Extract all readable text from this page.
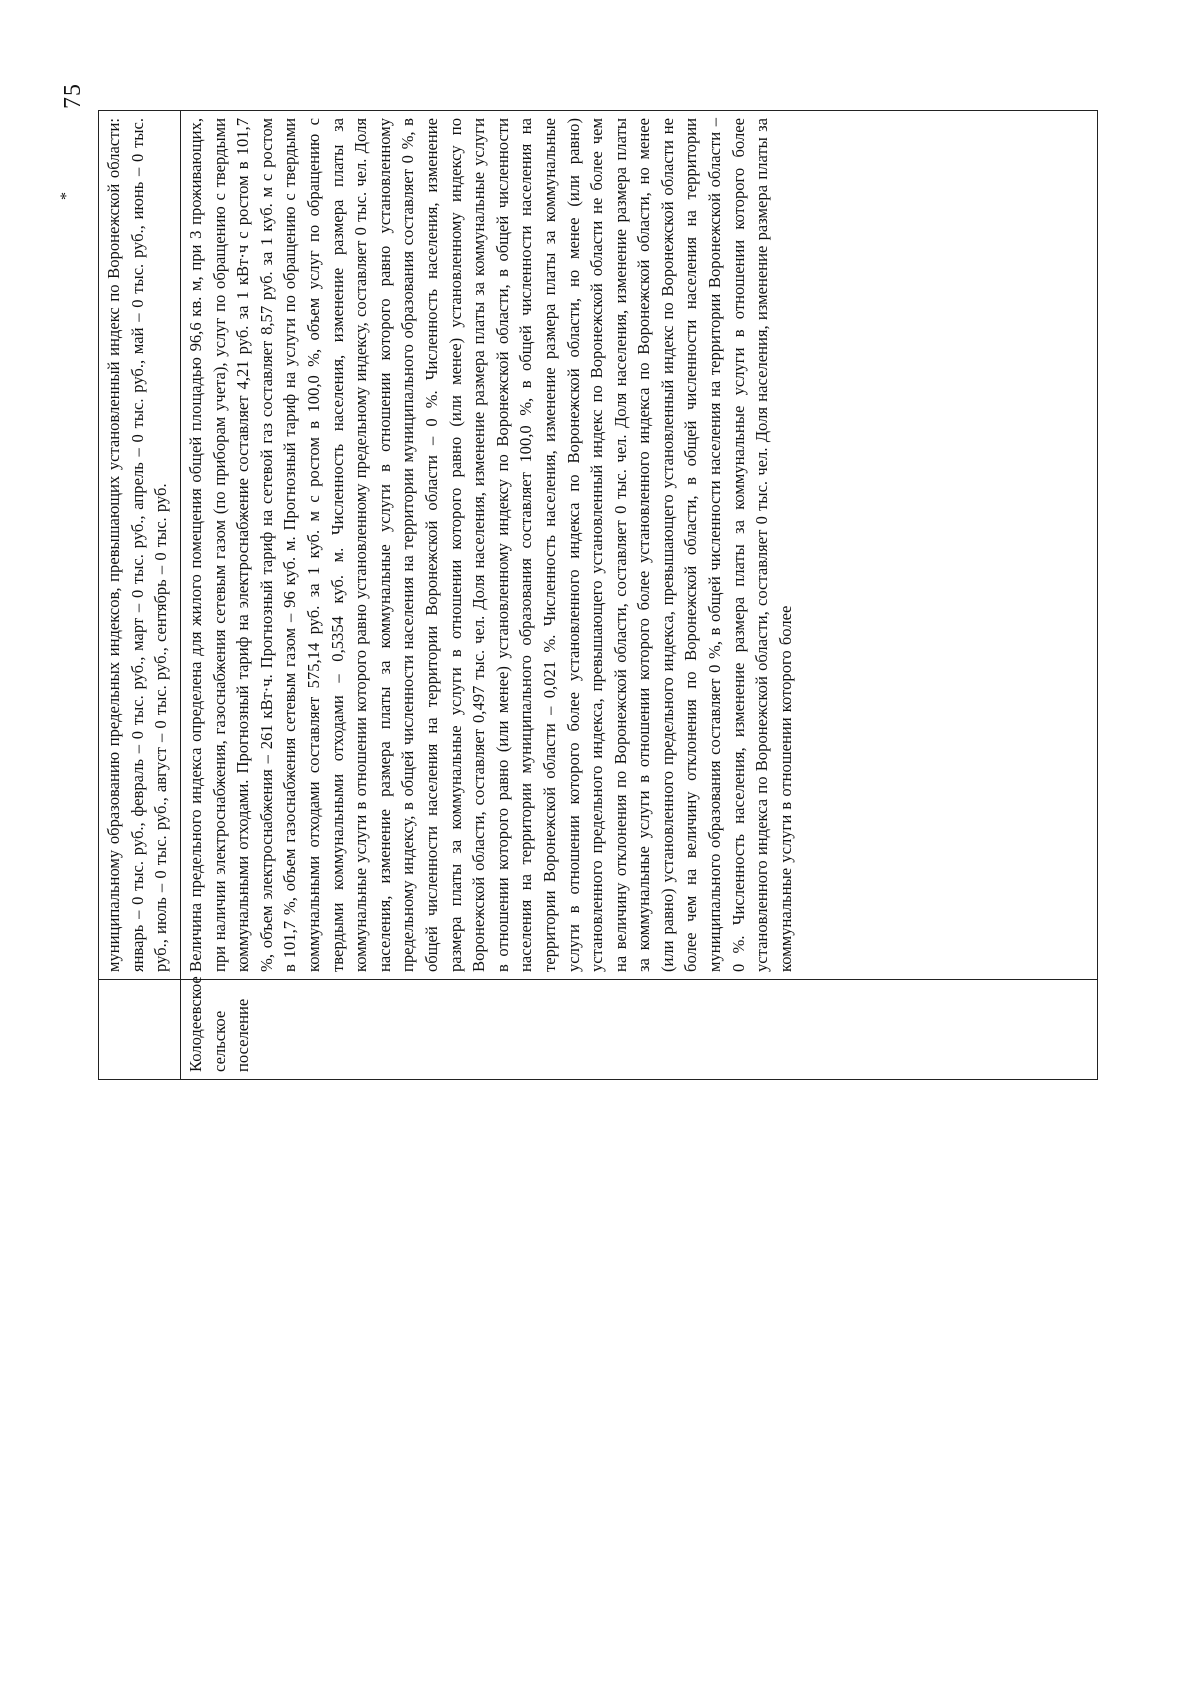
*
75

	муниципальному образованию предельных индексов, превышающих установленный индекс по Воронежской области: январь – 0 тыс. руб., февраль – 0 тыс. руб., март – 0 тыс. руб., апрель – 0 тыс. руб., май – 0 тыс. руб., июнь – 0 тыс. руб., июль – 0 тыс. руб., август – 0 тыс. руб., сентябрь – 0 тыс. руб.

Колодеевское сельское поселение	Величина предельного индекса определена для жилого помещения общей площадью 96,6 кв. м, при 3 проживающих, при наличии электроснабжения, газоснабжения сетевым газом (по приборам учета), услуг по обращению с твердыми коммунальными отходами. Прогнозный тариф на электроснабжение составляет 4,21 руб. за 1 кВт·ч с ростом в 101,7 %, объем электроснабжения – 261 кВт·ч. Прогнозный тариф на сетевой газ составляет 8,57 руб. за 1 куб. м с ростом в 101,7 %, объем газоснабжения сетевым газом – 96 куб. м. Прогнозный тариф на услуги по обращению с твердыми коммунальными отходами составляет 575,14 руб. за 1 куб. м с ростом в 100,0 %, объем услуг по обращению с твердыми коммунальными отходами – 0,5354 куб. м. Численность населения, изменение размера платы за коммунальные услуги в отношении которого равно установленному предельному индексу, составляет 0 тыс. чел. Доля населения, изменение размера платы за коммунальные услуги в отношении которого равно установленному предельному индексу, в общей численности населения на территории муниципального образования составляет 0 %, в общей численности населения на территории Воронежской области – 0 %. Численность населения, изменение размера платы за коммунальные услуги в отношении которого равно (или менее) установленному индексу по Воронежской области, составляет 0,497 тыс. чел. Доля населения, изменение размера платы за коммунальные услуги в отношении которого равно (или менее) установленному индексу по Воронежской области, в общей численности населения на территории муниципального образования составляет 100,0 %, в общей численности населения на территории Воронежской области – 0,021 %. Численность населения, изменение размера платы за коммунальные услуги в отношении которого более установленного индекса по Воронежской области, но менее (или равно) установленного предельного индекса, превышающего установленный индекс по Воронежской области не более чем на величину отклонения по Воронежской области, составляет 0 тыс. чел. Доля населения, изменение размера платы за коммунальные услуги в отношении которого более установленного индекса по Воронежской области, но менее (или равно) установленного предельного индекса, превышающего установленный индекс по Воронежской области не более чем на величину отклонения по Воронежской области, в общей численности населения на территории муниципального образования составляет 0 %, в общей численности населения на территории Воронежской области – 0 %. Численность населения, изменение размера платы за коммунальные услуги в отношении которого более установленного индекса по Воронежской области, составляет 0 тыс. чел. Доля населения, изменение размера платы за коммунальные услуги в отношении которого более
